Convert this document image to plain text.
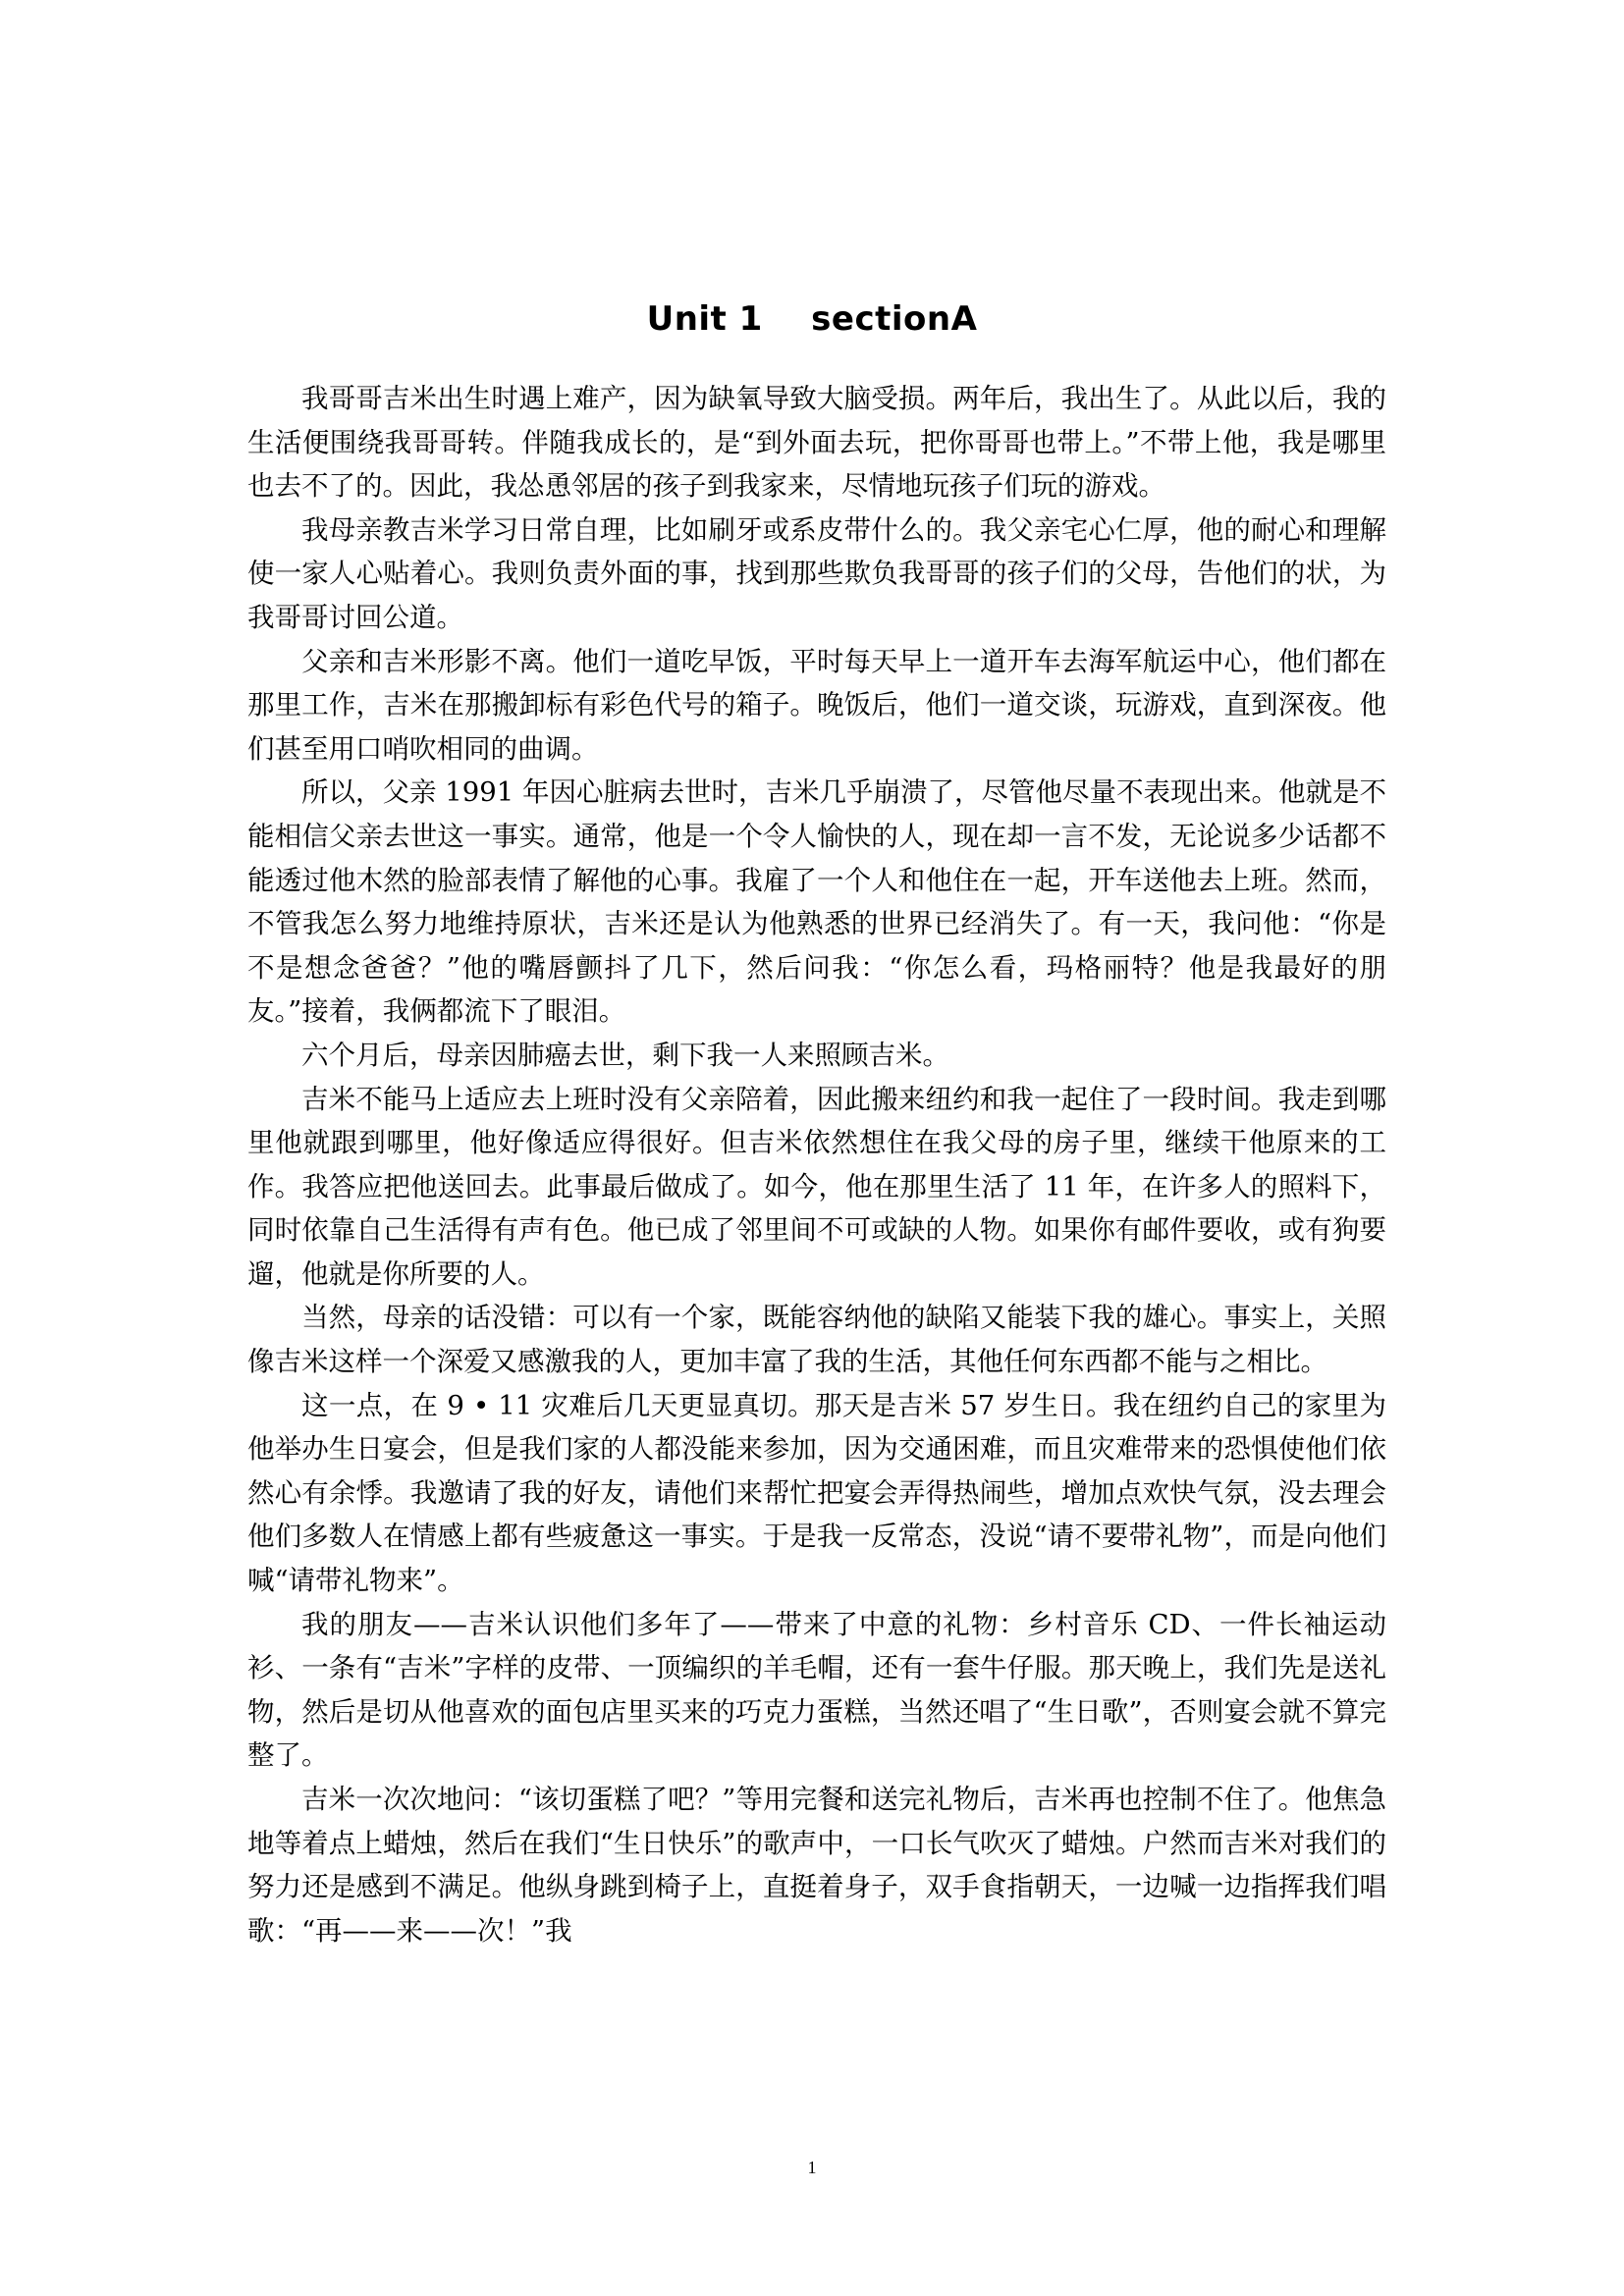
Unit 1    sectionA

我哥哥吉米出生时遇上难产，因为缺氧导致大脑受损。两年后，我出生了。从此以后，我的生活便围绕我哥哥转。伴随我成长的，是“到外面去玩，把你哥哥也带上。”不带上他，我是哪里也去不了的。因此，我怂恿邻居的孩子到我家来，尽情地玩孩子们玩的游戏。

我母亲教吉米学习日常自理，比如刷牙或系皮带什么的。我父亲宅心仁厚，他的耐心和理解使一家人心贴着心。我则负责外面的事，找到那些欺负我哥哥的孩子们的父母，告他们的状，为我哥哥讨回公道。

父亲和吉米形影不离。他们一道吃早饭，平时每天早上一道开车去海军航运中心，他们都在那里工作，吉米在那搬卸标有彩色代号的箱子。晚饭后，他们一道交谈，玩游戏，直到深夜。他们甚至用口哨吹相同的曲调。

所以，父亲 1991 年因心脏病去世时，吉米几乎崩溃了，尽管他尽量不表现出来。他就是不能相信父亲去世这一事实。通常，他是一个令人愉快的人，现在却一言不发，无论说多少话都不能透过他木然的脸部表情了解他的心事。我雇了一个人和他住在一起，开车送他去上班。然而，不管我怎么努力地维持原状，吉米还是认为他熟悉的世界已经消失了。有一天，我问他：“你是不是想念爸爸？”他的嘴唇颤抖了几下，然后问我：“你怎么看，玛格丽特？他是我最好的朋友。”接着，我俩都流下了眼泪。

六个月后，母亲因肺癌去世，剩下我一人来照顾吉米。

吉米不能马上适应去上班时没有父亲陪着，因此搬来纽约和我一起住了一段时间。我走到哪里他就跟到哪里，他好像适应得很好。但吉米依然想住在我父母的房子里，继续干他原来的工作。我答应把他送回去。此事最后做成了。如今，他在那里生活了 11 年，在许多人的照料下，同时依靠自己生活得有声有色。他已成了邻里间不可或缺的人物。如果你有邮件要收，或有狗要遛，他就是你所要的人。

当然，母亲的话没错：可以有一个家，既能容纳他的缺陷又能装下我的雄心。事实上，关照像吉米这样一个深爱又感激我的人，更加丰富了我的生活，其他任何东西都不能与之相比。

这一点，在 9 • 11 灾难后几天更显真切。那天是吉米 57 岁生日。我在纽约自己的家里为他举办生日宴会，但是我们家的人都没能来参加，因为交通困难，而且灾难带来的恐惧使他们依然心有余悸。我邀请了我的好友，请他们来帮忙把宴会弄得热闹些，增加点欢快气氛，没去理会他们多数人在情感上都有些疲惫这一事实。于是我一反常态，没说“请不要带礼物”，而是向他们喊“请带礼物来”。

我的朋友——吉米认识他们多年了——带来了中意的礼物：乡村音乐 CD、一件长袖运动衫、一条有“吉米”字样的皮带、一顶编织的羊毛帽，还有一套牛仔服。那天晚上，我们先是送礼物，然后是切从他喜欢的面包店里买来的巧克力蛋糕，当然还唱了“生日歌”，否则宴会就不算完整了。

吉米一次次地问：“该切蛋糕了吧？”等用完餐和送完礼物后，吉米再也控制不住了。他焦急地等着点上蜡烛，然后在我们“生日快乐”的歌声中，一口长气吹灭了蜡烛。户然而吉米对我们的努力还是感到不满足。他纵身跳到椅子上，直挺着身子，双手食指朝天，一边喊一边指挥我们唱歌：“再——来——次！”我

1
